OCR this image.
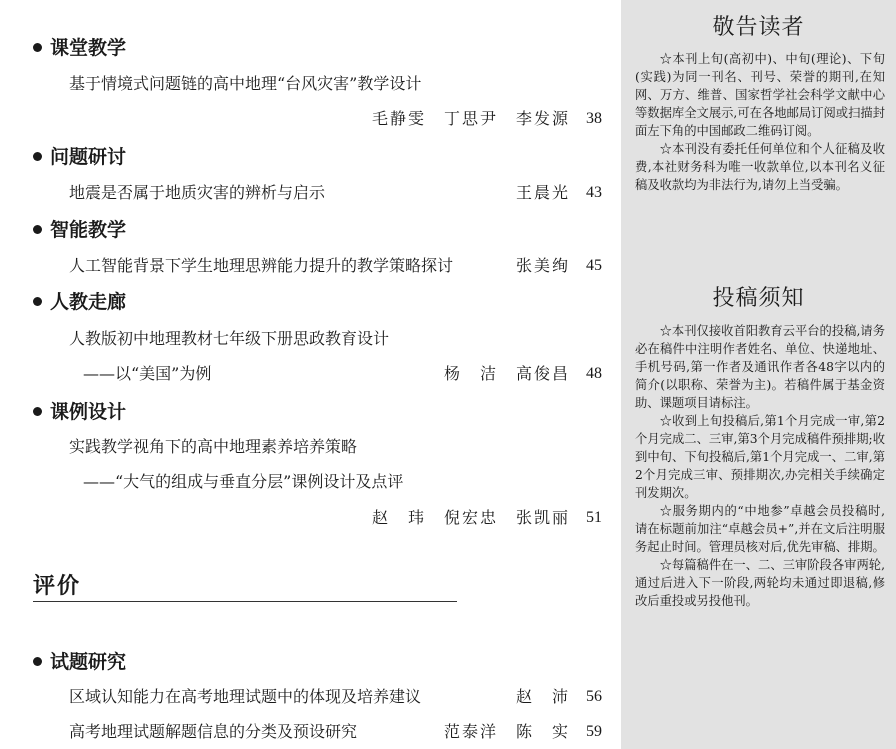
课堂教学
基于情境式问题链的高中地理“台风灾害”教学设计
毛静雯　丁思尹　李发源	38
问题研讨
地震是否属于地质灾害的辨析与启示	王晨光	43
智能教学
人工智能背景下学生地理思辨能力提升的教学策略探讨	张美绚	45
人教走廊
人教版初中地理教材七年级下册思政教育设计
——以“美国”为例	杨　洁　高俊昌	48
课例设计
实践教学视角下的高中地理素养培养策略
——“大气的组成与垂直分层”课例设计及点评
赵　玮　倪宏忠　张凯丽	51
评价
试题研究
区域认知能力在高考地理试题中的体现及培养建议	赵　沛	56
高考地理试题解题信息的分类及预设研究	范泰洋　陈　实	59
敬告读者

☆本刊上旬(高初中)、中旬(理论)、下旬(实践)为同一刊名、刊号、荣誉的期刊,在知网、万方、维普、国家哲学社会科学文献中心等数据库全文展示,可在各地邮局订阅或扫描封面左下角的中国邮政二维码订阅。

☆本刊没有委托任何单位和个人征稿及收费,本社财务科为唯一收款单位,以本刊名义征稿及收款均为非法行为,请勿上当受骗。

投稿须知

☆本刊仅接收首阳教育云平台的投稿,请务必在稿件中注明作者姓名、单位、快递地址、手机号码,第一作者及通讯作者各48字以内的简介(以职称、荣誉为主)。若稿件属于基金资助、课题项目请标注。

☆收到上旬投稿后,第1个月完成一审,第2个月完成二、三审,第3个月完成稿件预排期;收到中旬、下旬投稿后,第1个月完成一、二审,第2个月完成三审、预排期次,办完相关手续确定刊发期次。

☆服务期内的“中地参”卓越会员投稿时,请在标题前加注“卓越会员+”,并在文后注明服务起止时间。管理员核对后,优先审稿、排期。

☆每篇稿件在一、二、三审阶段各审两轮,通过后进入下一阶段,两轮均未通过即退稿,修改后重投或另投他刊。
